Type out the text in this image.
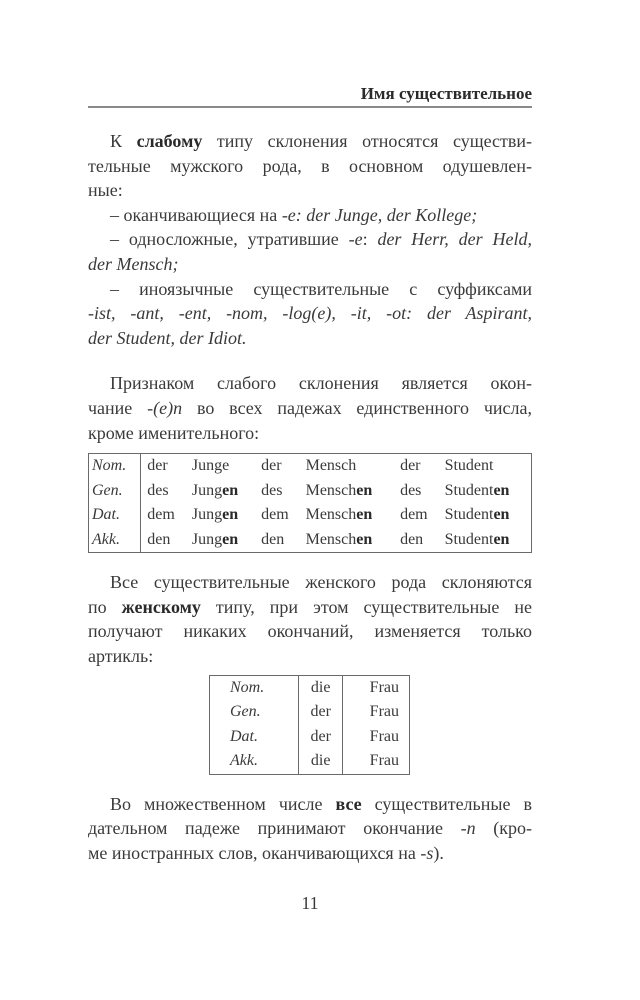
Имя существительное

К слабому типу склонения относятся существи-

тельные мужского рода, в основном одушевлен-

ные:

– оканчивающиеся на -e: der Junge, der Kollege;

– односложные, утратившие -e: der Herr, der Held,

der Mensch;

– иноязычные существительные с суффиксами

-ist, -ant, -ent, -nom, -log(e), -it, -ot: der Aspirant,

der Student, der Idiot.

Признаком слабого склонения является окон-

чание -(e)n во всех падежах единственного числа,

кроме именительного:

Nom.	der	Junge	der	Mensch	der	Student
Gen.	des	Jungen	des	Menschen	des	Studenten
Dat.	dem	Jungen	dem	Menschen	dem	Studenten
Akk.	den	Jungen	den	Menschen	den	Studenten

Все существительные женского рода склоняются

по женскому типу, при этом существительные не

получают никаких окончаний, изменяется только

артикль:

Nom.	die	Frau
Gen.	der	Frau
Dat.	der	Frau
Akk.	die	Frau

Во множественном числе все существительные в

дательном падеже принимают окончание -n (кро-

ме иностранных слов, оканчивающихся на -s).

11
